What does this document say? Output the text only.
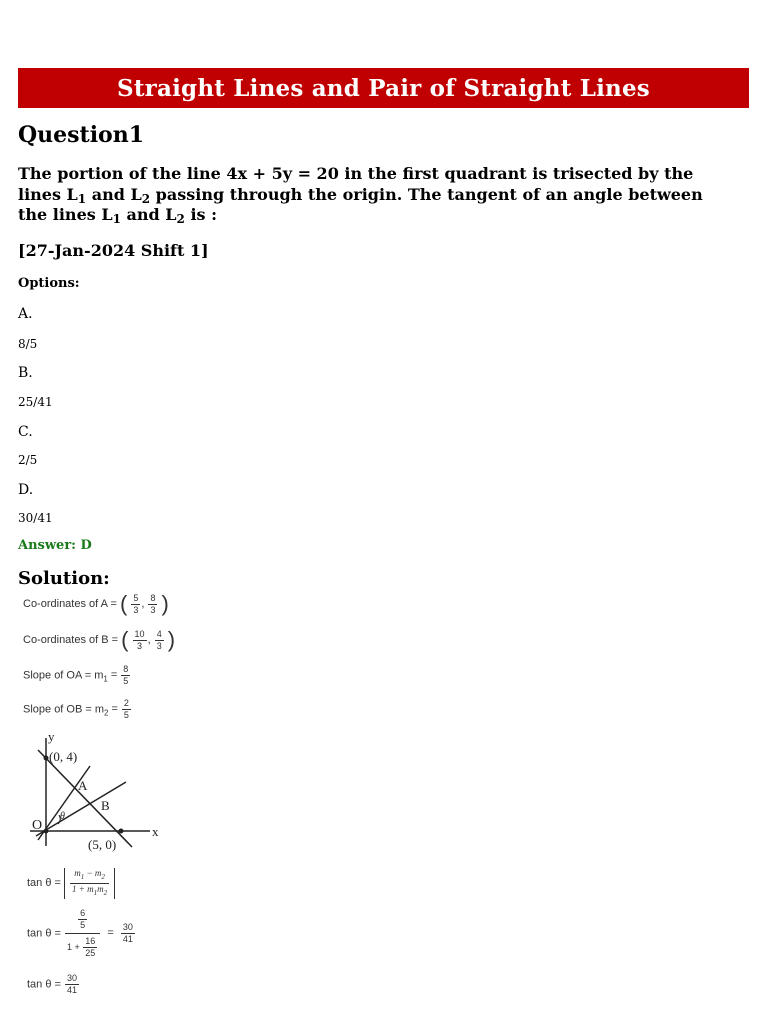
Straight Lines and Pair of Straight Lines
Question1
The portion of the line 4x + 5y = 20 in the first quadrant is trisected by the lines $L_1$ and $L_2$ passing through the origin. The tangent of an angle between the lines $L_1$ and $L_2$ is :
[27-Jan-2024 Shift 1]
Options:
A.
8/5
B.
25/41
C.
2/5
D.
30/41
Answer: D
Solution:
Co-ordinates of A = ( $\frac{5}{3}$ , $\frac{8}{3}$ )
Co-ordinates of B = ( $\frac{10}{3}$ , $\frac{4}{3}$ )
Slope of OA = $m_1 = \frac{8}{5}$
Slope of OB = $m_2 = \frac{2}{5}$
y
x
O
(0, 4)
(5, 0)
A
B
θ
$\tan \theta = \frac{m_1 - m_2}{1 + m_1m_2}$
$\tan \theta = \frac{\frac{6}{5}}{1 + \frac{16}{25}} = \frac{30}{41}$
$\tan \theta = \frac{30}{41}$
